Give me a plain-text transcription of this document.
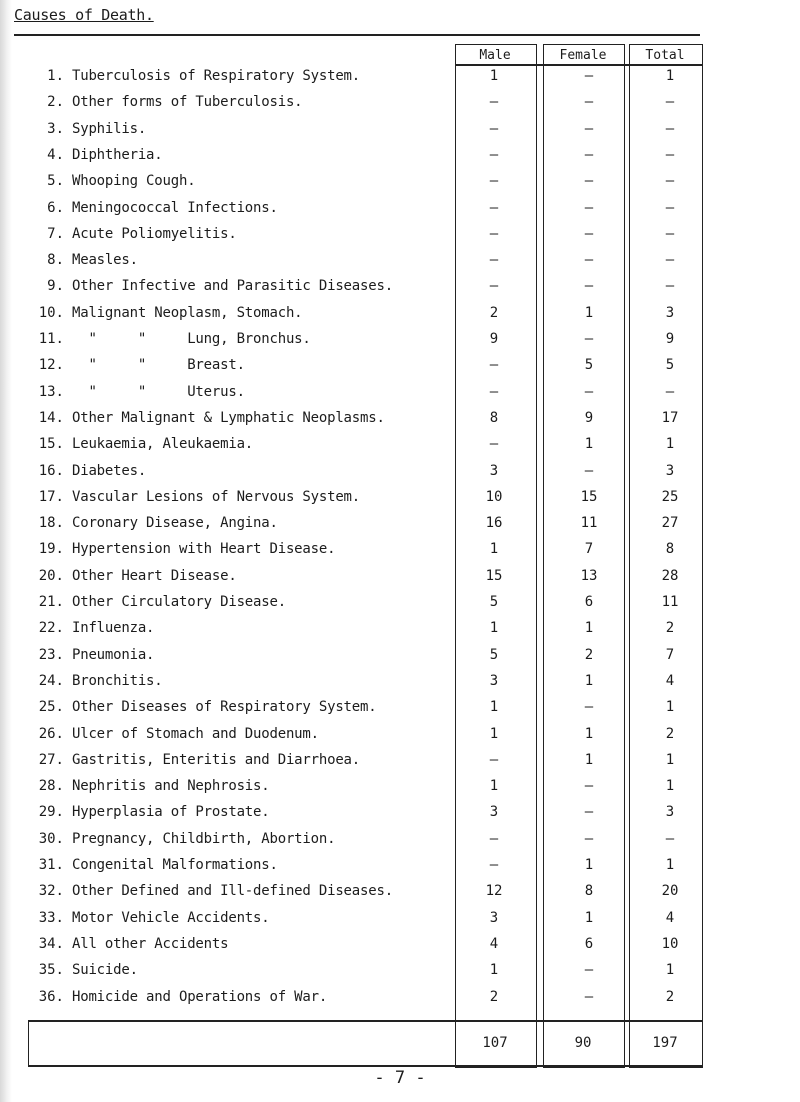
Causes of Death.
Male	Female	Total
1. Tuberculosis of Respiratory System.	1	–	1
2. Other forms of Tuberculosis.	–	–	–
3. Syphilis.	–	–	–
4. Diphtheria.	–	–	–
5. Whooping Cough.	–	–	–
6. Meningococcal Infections.	–	–	–
7. Acute Poliomyelitis.	–	–	–
8. Measles.	–	–	–
9. Other Infective and Parasitic Diseases.	–	–	–
10. Malignant Neoplasm, Stomach.	2	1	3
11. "     "     Lung, Bronchus.	9	–	9
12. "     "     Breast.	–	5	5
13. "     "     Uterus.	–	–	–
14. Other Malignant & Lymphatic Neoplasms.	8	9	17
15. Leukaemia, Aleukaemia.	–	1	1
16. Diabetes.	3	–	3
17. Vascular Lesions of Nervous System.	10	15	25
18. Coronary Disease, Angina.	16	11	27
19. Hypertension with Heart Disease.	1	7	8
20. Other Heart Disease.	15	13	28
21. Other Circulatory Disease.	5	6	11
22. Influenza.	1	1	2
23. Pneumonia.	5	2	7
24. Bronchitis.	3	1	4
25. Other Diseases of Respiratory System.	1	–	1
26. Ulcer of Stomach and Duodenum.	1	1	2
27. Gastritis, Enteritis and Diarrhoea.	–	1	1
28. Nephritis and Nephrosis.	1	–	1
29. Hyperplasia of Prostate.	3	–	3
30. Pregnancy, Childbirth, Abortion.	–	–	–
31. Congenital Malformations.	–	1	1
32. Other Defined and Ill-defined Diseases.	12	8	20
33. Motor Vehicle Accidents.	3	1	4
34. All other Accidents	4	6	10
35. Suicide.	1	–	1
36. Homicide and Operations of War.	2	–	2
107	90	197
- 7 -
